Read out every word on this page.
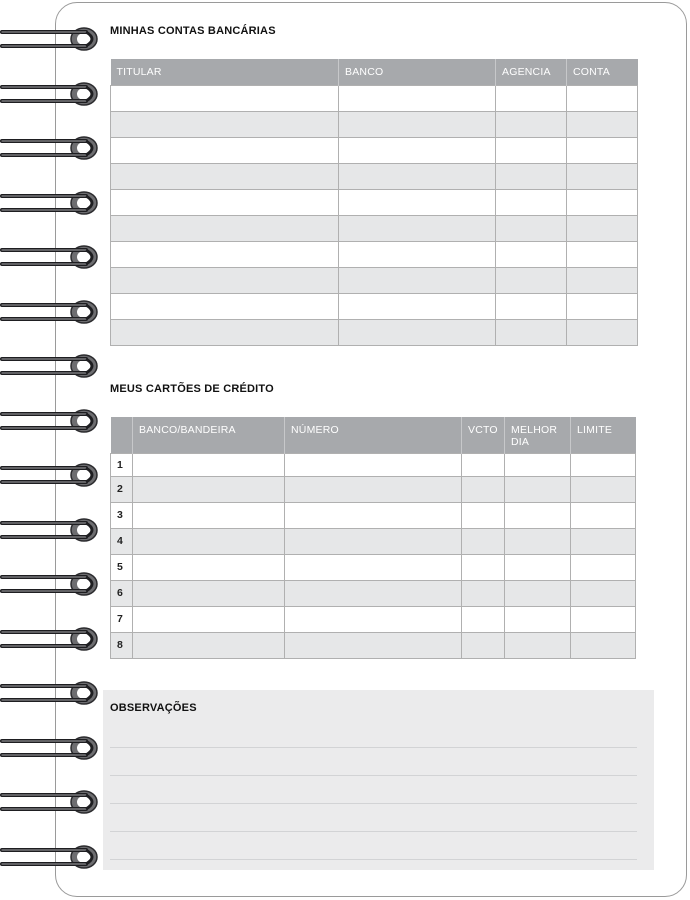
MINHAS CONTAS BANCÁRIAS
TITULAR	BANCO	AGENCIA	CONTA

MEUS CARTÕES DE CRÉDITO
	BANCO/BANDEIRA	NÚMERO	VCTO	MELHOR DIA	LIMITE
1					
2					
3					
4					
5					
6					
7					
8					
OBSERVAÇÕES
